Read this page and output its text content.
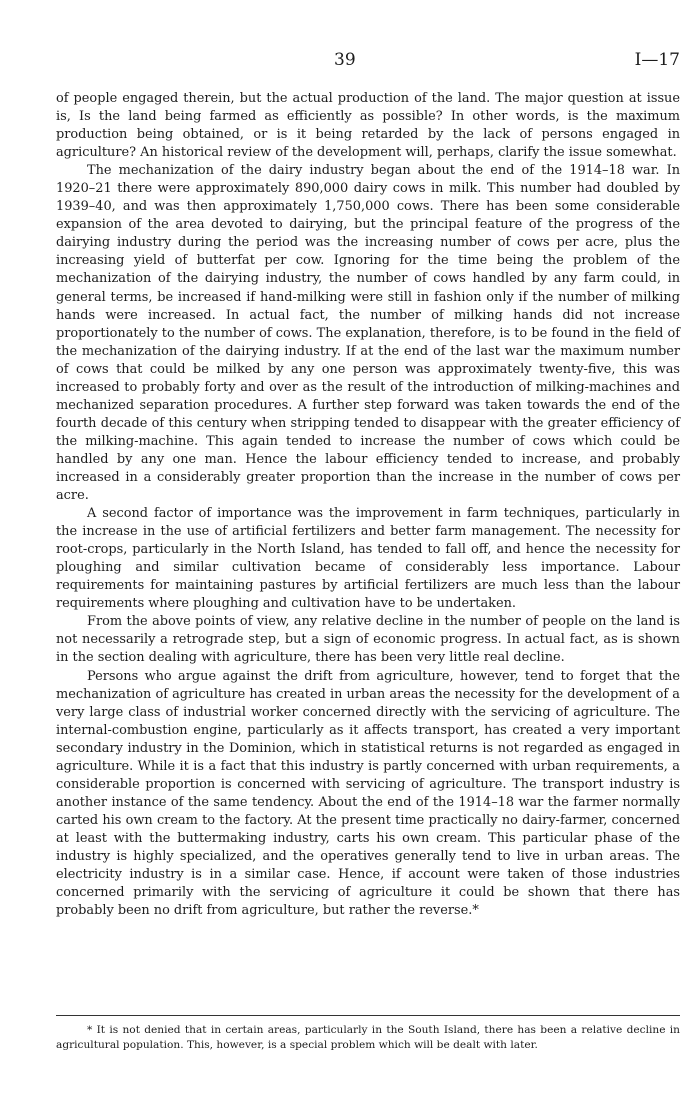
39	I—17

of people engaged therein, but the actual production of the land. The major question at issue is, Is the land being farmed as efficiently as possible? In other words, is the maximum production being obtained, or is it being retarded by the lack of persons engaged in agriculture? An historical review of the development will, perhaps, clarify the issue somewhat.

The mechanization of the dairy industry began about the end of the 1914–18 war. In 1920–21 there were approximately 890,000 dairy cows in milk. This number had doubled by 1939–40, and was then approximately 1,750,000 cows. There has been some considerable expansion of the area devoted to dairying, but the principal feature of the progress of the dairying industry during the period was the increasing number of cows per acre, plus the increasing yield of butterfat per cow. Ignoring for the time being the problem of the mechanization of the dairying industry, the number of cows handled by any farm could, in general terms, be increased if hand-milking were still in fashion only if the number of milking hands were increased. In actual fact, the number of milking hands did not increase proportionately to the number of cows. The explanation, therefore, is to be found in the field of the mechanization of the dairying industry. If at the end of the last war the maximum number of cows that could be milked by any one person was approximately twenty-five, this was increased to probably forty and over as the result of the introduction of milking-machines and mechanized separation procedures. A further step forward was taken towards the end of the fourth decade of this century when stripping tended to disappear with the greater efficiency of the milking-machine. This again tended to increase the number of cows which could be handled by any one man. Hence the labour efficiency tended to increase, and probably increased in a considerably greater proportion than the increase in the number of cows per acre.

A second factor of importance was the improvement in farm techniques, particularly in the increase in the use of artificial fertilizers and better farm management. The necessity for root-crops, particularly in the North Island, has tended to fall off, and hence the necessity for ploughing and similar cultivation became of considerably less importance. Labour requirements for maintaining pastures by artificial fertilizers are much less than the labour requirements where ploughing and cultivation have to be undertaken.

From the above points of view, any relative decline in the number of people on the land is not necessarily a retrograde step, but a sign of economic progress. In actual fact, as is shown in the section dealing with agriculture, there has been very little real decline.

Persons who argue against the drift from agriculture, however, tend to forget that the mechanization of agriculture has created in urban areas the necessity for the development of a very large class of industrial worker concerned directly with the servicing of agriculture. The internal-combustion engine, particularly as it affects transport, has created a very important secondary industry in the Dominion, which in statistical returns is not regarded as engaged in agriculture. While it is a fact that this industry is partly concerned with urban requirements, a considerable proportion is concerned with servicing of agriculture. The transport industry is another instance of the same tendency. About the end of the 1914–18 war the farmer normally carted his own cream to the factory. At the present time practically no dairy-farmer, concerned at least with the buttermaking industry, carts his own cream. This particular phase of the industry is highly specialized, and the operatives generally tend to live in urban areas. The electricity industry is in a similar case. Hence, if account were taken of those industries concerned primarily with the servicing of agriculture it could be shown that there has probably been no drift from agriculture, but rather the reverse.*

* It is not denied that in certain areas, particularly in the South Island, there has been a relative decline in agricultural population. This, however, is a special problem which will be dealt with later.
